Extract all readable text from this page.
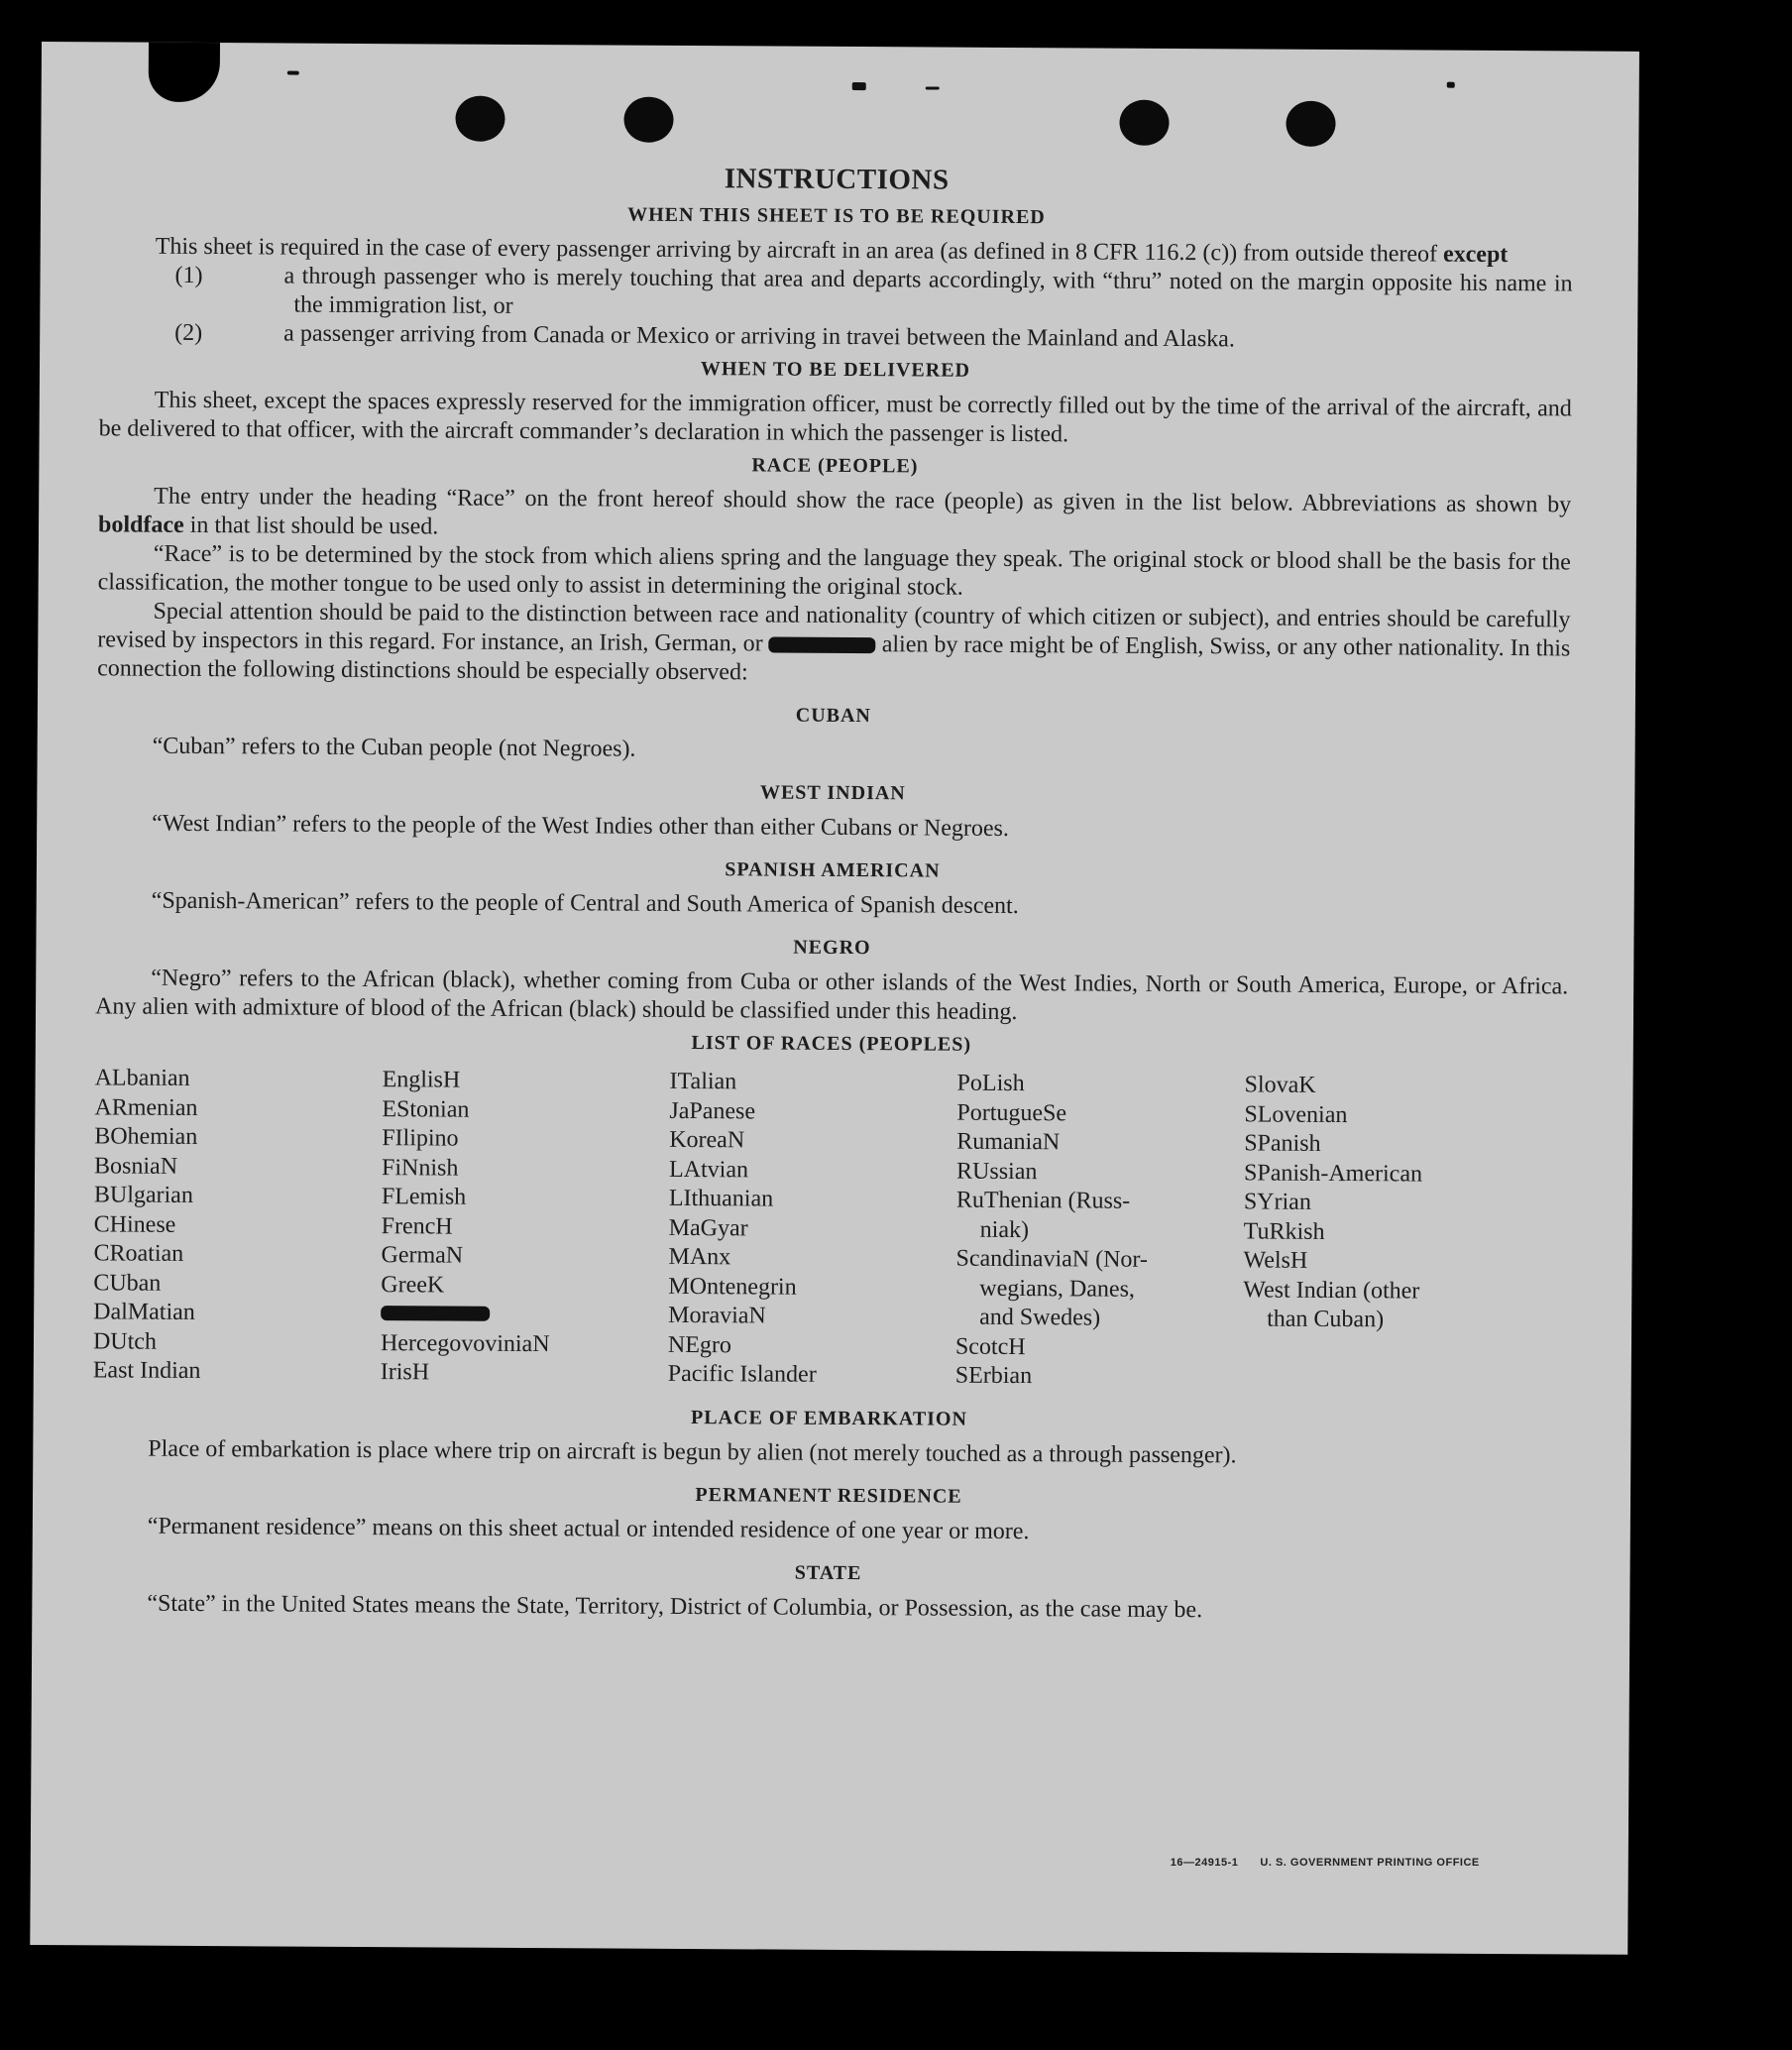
INSTRUCTIONS
WHEN THIS SHEET IS TO BE REQUIRED

This sheet is required in the case of every passenger arriving by aircraft in an area (as defined in 8 CFR 116.2 (c)) from outside thereof except

(1)	a through passenger who is merely touching that area and departs accordingly, with “thru” noted on the margin opposite his name in the immigration list, or

(2)	a passenger arriving from Canada or Mexico or arriving in travei between the Mainland and Alaska.

WHEN TO BE DELIVERED

This sheet, except the spaces expressly reserved for the immigration officer, must be correctly filled out by the time of the arrival of the aircraft, and be delivered to that officer, with the aircraft commander’s declaration in which the passenger is listed.

RACE (PEOPLE)

The entry under the heading “Race” on the front hereof should show the race (people) as given in the list below. Abbreviations as shown by boldface in that list should be used.

“Race” is to be determined by the stock from which aliens spring and the language they speak. The original stock or blood shall be the basis for the classification, the mother tongue to be used only to assist in determining the original stock.

Special attention should be paid to the distinction between race and nationality (country of which citizen or subject), and entries should be carefully revised by inspectors in this regard. For instance, an Irish, German, or	alien by race might be of English, Swiss, or any other nationality. In this connection the following distinctions should be especially observed:

CUBAN

“Cuban” refers to the Cuban people (not Negroes).

WEST INDIAN

“West Indian” refers to the people of the West Indies other than either Cubans or Negroes.

SPANISH AMERICAN

“Spanish-American” refers to the people of Central and South America of Spanish descent.

NEGRO

“Negro” refers to the African (black), whether coming from Cuba or other islands of the West Indies, North or South America, Europe, or Africa. Any alien with admixture of blood of the African (black) should be classified under this heading.

LIST OF RACES (PEOPLES)
ALbanian
ARmenian
BOhemian
BosniaN
BUlgarian
CHinese
CRoatian
CUban
DalMatian
DUtch
East Indian
EnglisH
EStonian
FIlipino
FiNnish
FLemish
FrencH
GermaN
GreeK
HercegovoviniaN
IrisH
ITalian
JaPanese
KoreaN
LAtvian
LIthuanian
MaGyar
MAnx
MOntenegrin
MoraviaN
NEgro
Pacific Islander
PoLish
PortugueSe
RumaniaN
RUssian
RuThenian (Russ-
niak)
ScandinaviaN (Nor-
wegians, Danes,
and Swedes)
ScotcH
SErbian
SlovaK
SLovenian
SPanish
SPanish-American
SYrian
TuRkish
WelsH
West Indian (other
than Cuban)
PLACE OF EMBARKATION

Place of embarkation is place where trip on aircraft is begun by alien (not merely touched as a through passenger).

PERMANENT RESIDENCE

“Permanent residence” means on this sheet actual or intended residence of one year or more.

STATE

“State” in the United States means the State, Territory, District of Columbia, or Possession, as the case may be.

16—24915-1 U. S. GOVERNMENT PRINTING OFFICE
